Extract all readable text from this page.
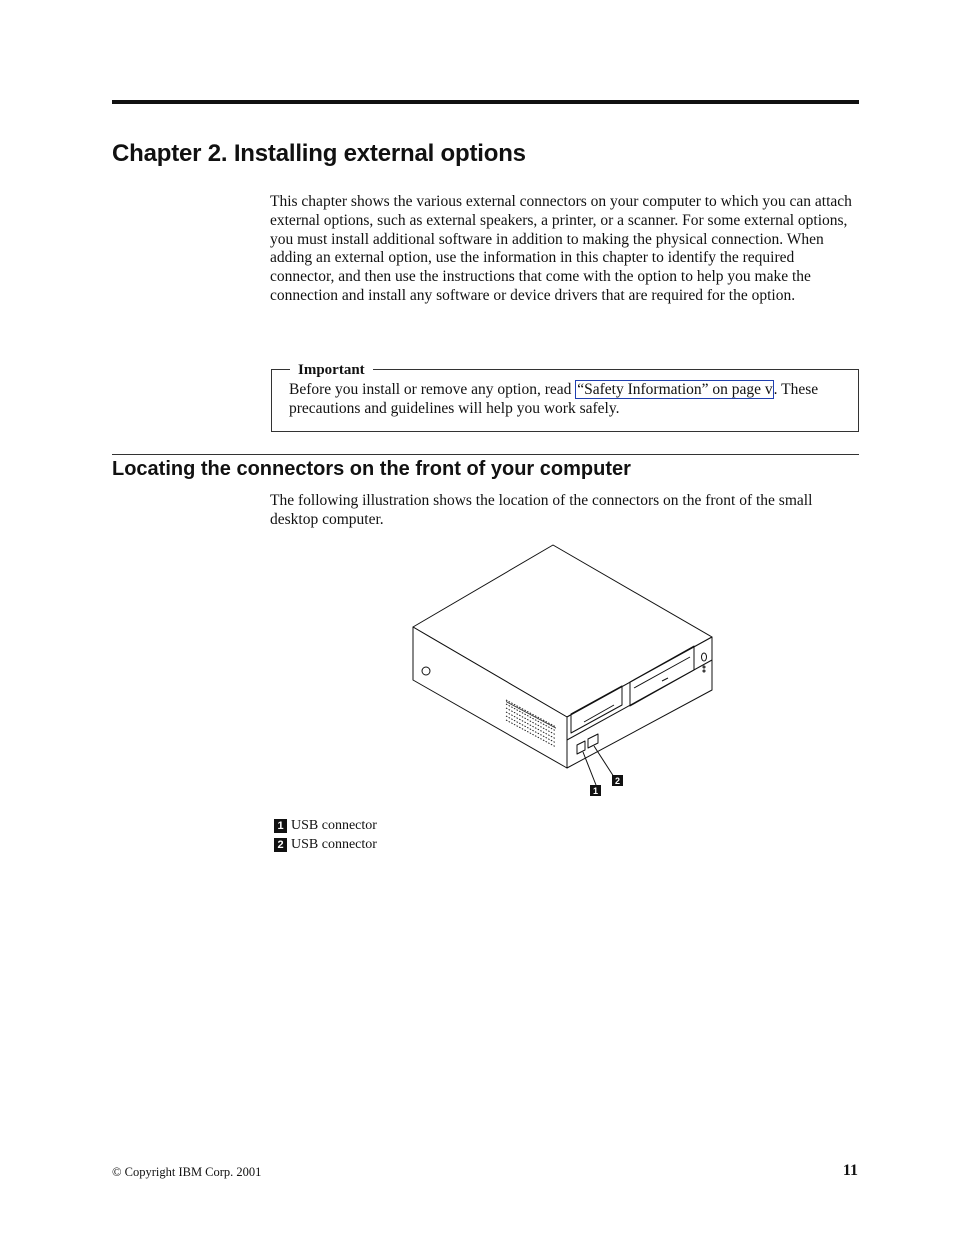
Chapter 2. Installing external options

This chapter shows the various external connectors on your computer to which you can attach external options, such as external speakers, a printer, or a scanner. For some external options, you must install additional software in addition to making the physical connection. When adding an external option, use the information in this chapter to identify the required connector, and then use the instructions that come with the option to help you make the connection and install any software or device drivers that are required for the option.

Important

Before you install or remove any option, read “Safety Information” on page v. These precautions and guidelines will help you work safely.

Locating the connectors on the front of your computer

The following illustration shows the location of the connectors on the front of the small desktop computer.

1
2
1 USB connector
2 USB connector
© Copyright IBM Corp. 2001	11
